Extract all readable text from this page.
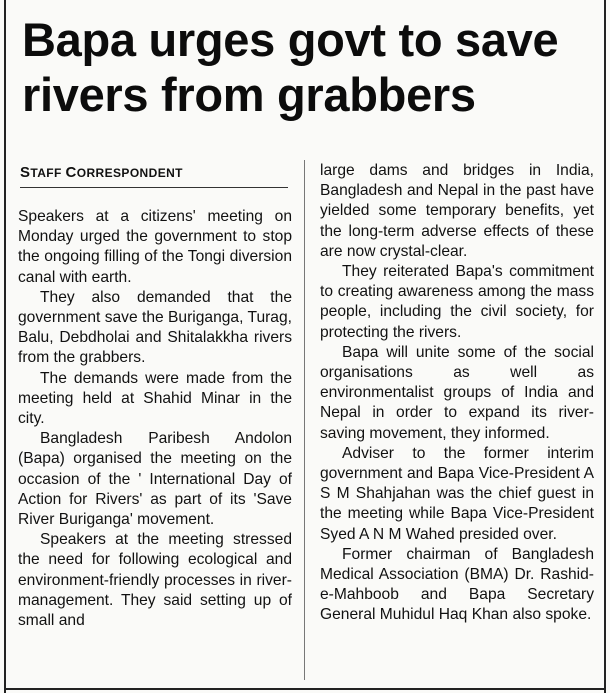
Bapa urges govt to save rivers from grabbers
STAFF CORRESPONDENT

Speakers at a citizens' meeting on Monday urged the government to stop the ongoing filling of the Tongi diversion canal with earth.

They also demanded that the government save the Buriganga, Turag, Balu, Debdholai and Shitalakkha rivers from the grabbers.

The demands were made from the meeting held at Shahid Minar in the city.

Bangladesh Paribesh Andolon (Bapa) organised the meeting on the occasion of the ' International Day of Action for Rivers' as part of its 'Save River Buriganga' movement.

Speakers at the meeting stressed the need for following ecological and environment-friendly processes in river-management. They said setting up of small and

large dams and bridges in India, Bangladesh and Nepal in the past have yielded some temporary benefits, yet the long-term adverse effects of these are now crystal-clear.

They reiterated Bapa's commitment to creating awareness among the mass people, including the civil society, for protecting the rivers.

Bapa will unite some of the social organisations as well as environmentalist groups of India and Nepal in order to expand its river-saving movement, they informed.

Adviser to the former interim government and Bapa Vice-President A S M Shahjahan was the chief guest in the meeting while Bapa Vice-President Syed A N M Wahed presided over.

Former chairman of Bangladesh Medical Association (BMA) Dr. Rashid-e-Mahboob and Bapa Secretary General Muhidul Haq Khan also spoke.
